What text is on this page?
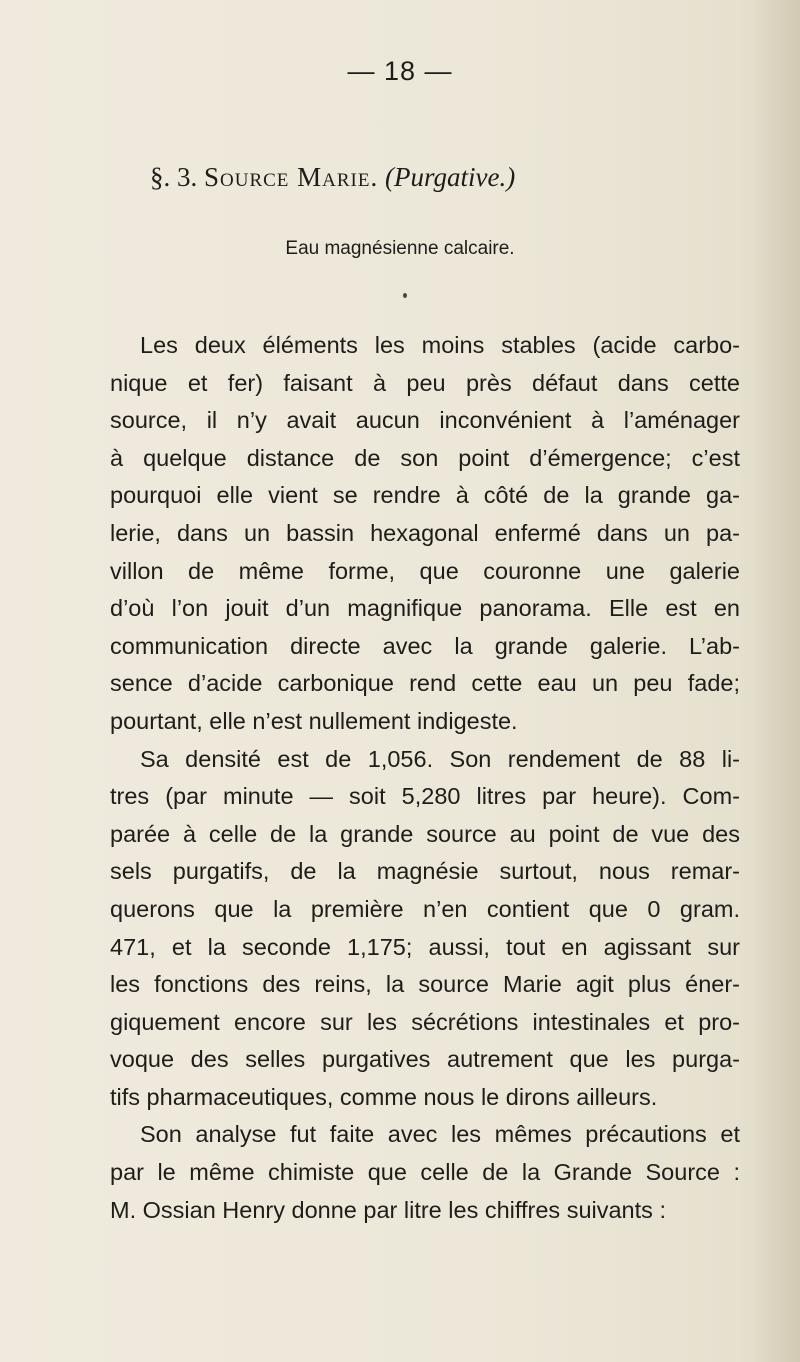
— 18 —
§. 3. Source Marie. (Purgative.)
Eau magnésienne calcaire.
Les deux éléments les moins stables (acide carbo-
nique et fer) faisant à peu près défaut dans cette
source, il n’y avait aucun inconvénient à l’aménager
à quelque distance de son point d’émergence; c’est
pourquoi elle vient se rendre à côté de la grande ga-
lerie, dans un bassin hexagonal enfermé dans un pa-
villon de même forme, que couronne une galerie
d’où l’on jouit d’un magnifique panorama. Elle est en
communication directe avec la grande galerie. L’ab-
sence d’acide carbonique rend cette eau un peu fade;
pourtant, elle n’est nullement indigeste.
Sa densité est de 1,056. Son rendement de 88 li-
tres (par minute — soit 5,280 litres par heure). Com-
parée à celle de la grande source au point de vue des
sels purgatifs, de la magnésie surtout, nous remar-
querons que la première n’en contient que 0 gram.
471, et la seconde 1,175; aussi, tout en agissant sur
les fonctions des reins, la source Marie agit plus éner-
giquement encore sur les sécrétions intestinales et pro-
voque des selles purgatives autrement que les purga-
tifs pharmaceutiques, comme nous le dirons ailleurs.
Son analyse fut faite avec les mêmes précautions et
par le même chimiste que celle de la Grande Source :
M. Ossian Henry donne par litre les chiffres suivants :
